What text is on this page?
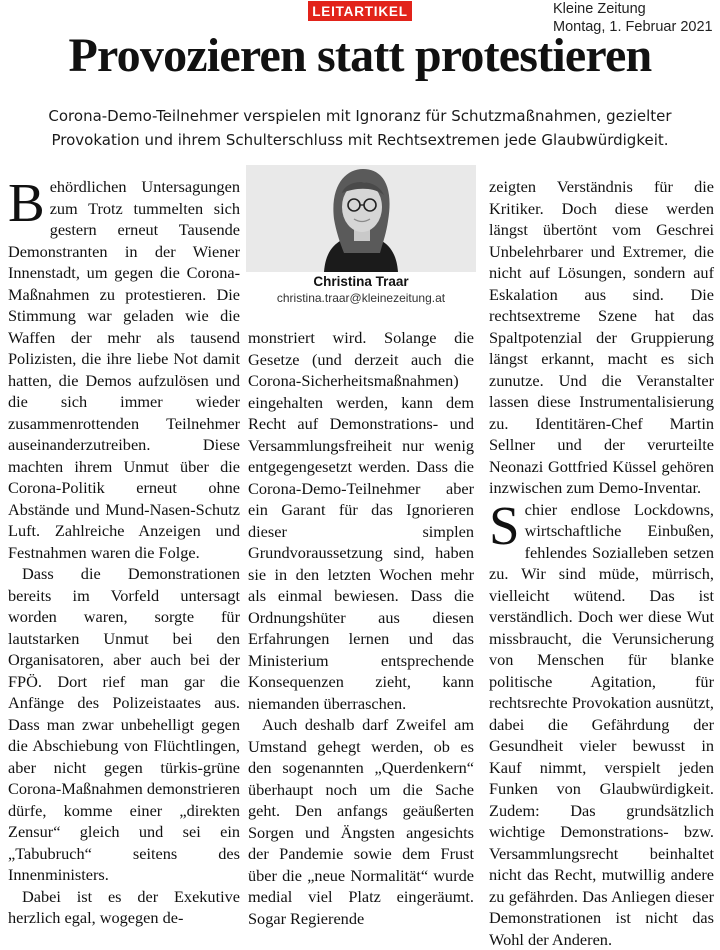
LEITARTIKEL	Kleine Zeitung
Montag, 1. Februar 2021
Provozieren statt protestieren
Corona-Demo-Teilnehmer verspielen mit Ignoranz für Schutzmaßnahmen, gezielter Provokation und ihrem Schulterschluss mit Rechtsextremen jede Glaubwürdigkeit.
Christina Traar
christina.traar@kleinezeitung.at

Behördlichen Untersagungen zum Trotz tummelten sich gestern erneut Tausende Demonstranten in der Wiener Innenstadt, um gegen die Corona-Maßnahmen zu protestieren. Die Stimmung war geladen wie die Waffen der mehr als tausend Polizisten, die ihre liebe Not damit hatten, die Demos aufzulösen und die sich immer wieder zusammenrottenden Teilnehmer auseinanderzutreiben. Diese machten ihrem Unmut über die Corona-Politik erneut ohne Abstände und Mund-Nasen-Schutz Luft. Zahlreiche Anzeigen und Festnahmen waren die Folge.

Dass die Demonstrationen bereits im Vorfeld untersagt worden waren, sorgte für lautstarken Unmut bei den Organisatoren, aber auch bei der FPÖ. Dort rief man gar die Anfänge des Polizeistaates aus. Dass man zwar unbehelligt gegen die Abschiebung von Flüchtlingen, aber nicht gegen türkis-grüne Corona-Maßnahmen demonstrieren dürfe, komme einer „direkten Zensur“ gleich und sei ein „Tabubruch“ seitens des Innenministers.

Dabei ist es der Exekutive herzlich egal, wogegen de-

monstriert wird. Solange die Gesetze (und derzeit auch die Corona-Sicherheitsmaßnahmen) eingehalten werden, kann dem Recht auf Demonstrations- und Versammlungsfreiheit nur wenig entgegengesetzt werden. Dass die Corona-Demo-Teilnehmer aber ein Garant für das Ignorieren dieser simplen Grundvoraussetzung sind, haben sie in den letzten Wochen mehr als einmal bewiesen. Dass die Ordnungshüter aus diesen Erfahrungen lernen und das Ministerium entsprechende Konsequenzen zieht, kann niemanden überraschen.

Auch deshalb darf Zweifel am Umstand gehegt werden, ob es den sogenannten „Querdenkern“ überhaupt noch um die Sache geht. Den anfangs geäußerten Sorgen und Ängsten angesichts der Pandemie sowie dem Frust über die „neue Normalität“ wurde medial viel Platz eingeräumt. Sogar Regierende

zeigten Verständnis für die Kritiker. Doch diese werden längst übertönt vom Geschrei Unbelehrbarer und Extremer, die nicht auf Lösungen, sondern auf Eskalation aus sind. Die rechtsextreme Szene hat das Spaltpotenzial der Gruppierung längst erkannt, macht es sich zunutze. Und die Veranstalter lassen diese Instrumentalisierung zu. Identitären-Chef Martin Sellner und der verurteilte Neonazi Gottfried Küssel gehören inzwischen zum Demo-Inventar.

Schier endlose Lockdowns, wirtschaftliche Einbußen, fehlendes Sozialleben setzen zu. Wir sind müde, mürrisch, vielleicht wütend. Das ist verständlich. Doch wer diese Wut missbraucht, die Verunsicherung von Menschen für blanke politische Agitation, für rechtsrechte Provokation ausnützt, dabei die Gefährdung der Gesundheit vieler bewusst in Kauf nimmt, verspielt jeden Funken von Glaubwürdigkeit. Zudem: Das grundsätzlich wichtige Demonstrations- bzw. Versammlungsrecht beinhaltet nicht das Recht, mutwillig andere zu gefährden. Das Anliegen dieser Demonstrationen ist nicht das Wohl der Anderen.
